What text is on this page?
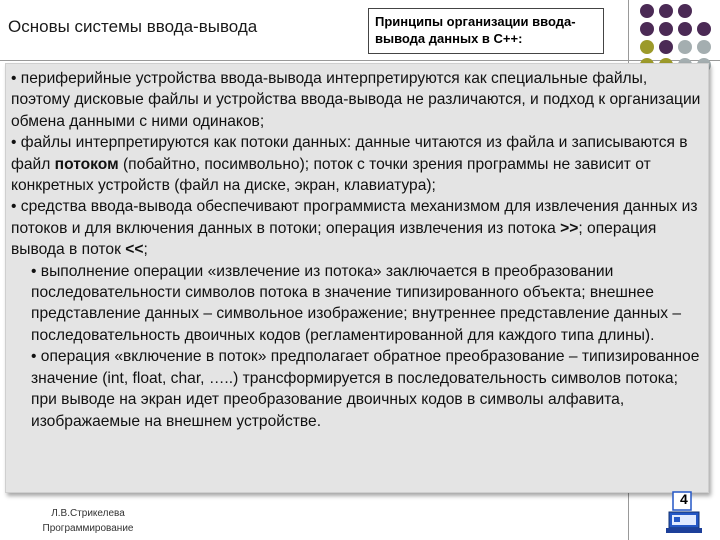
Основы системы ввода-вывода	Принципы организации ввода-вывода данных в C++:

• периферийные устройства ввода-вывода интерпретируются как специальные файлы, поэтому дисковые файлы и устройства ввода-вывода не различаются, и подход к организации обмена данными с ними одинаков;

• файлы интерпретируются как потоки данных: данные читаются из файла и записываются в файл потоком (побайтно, посимвольно); поток с точки зрения программы не зависит от конкретных устройств (файл на диске, экран, клавиатура);

• средства ввода-вывода обеспечивают программиста механизмом для извлечения данных из потоков и для включения данных в потоки; операция извлечения из потока >>; операция вывода в поток <<;

• выполнение операции «извлечение из потока» заключается в преобразовании последовательности символов потока в значение типизированного объекта; внешнее представление данных – символьное изображение; внутреннее представление данных – последовательность двоичных кодов (регламентированной для каждого типа длины).

• операция «включение в поток» предполагает обратное преобразование – типизированное значение (int, float, char, …..) трансформируется в последовательность символов потока; при выводе на экран идет преобразование двоичных кодов в символы алфавита, изображаемые на внешнем устройстве.

Л.В.Стрикелева
Программирование
4
